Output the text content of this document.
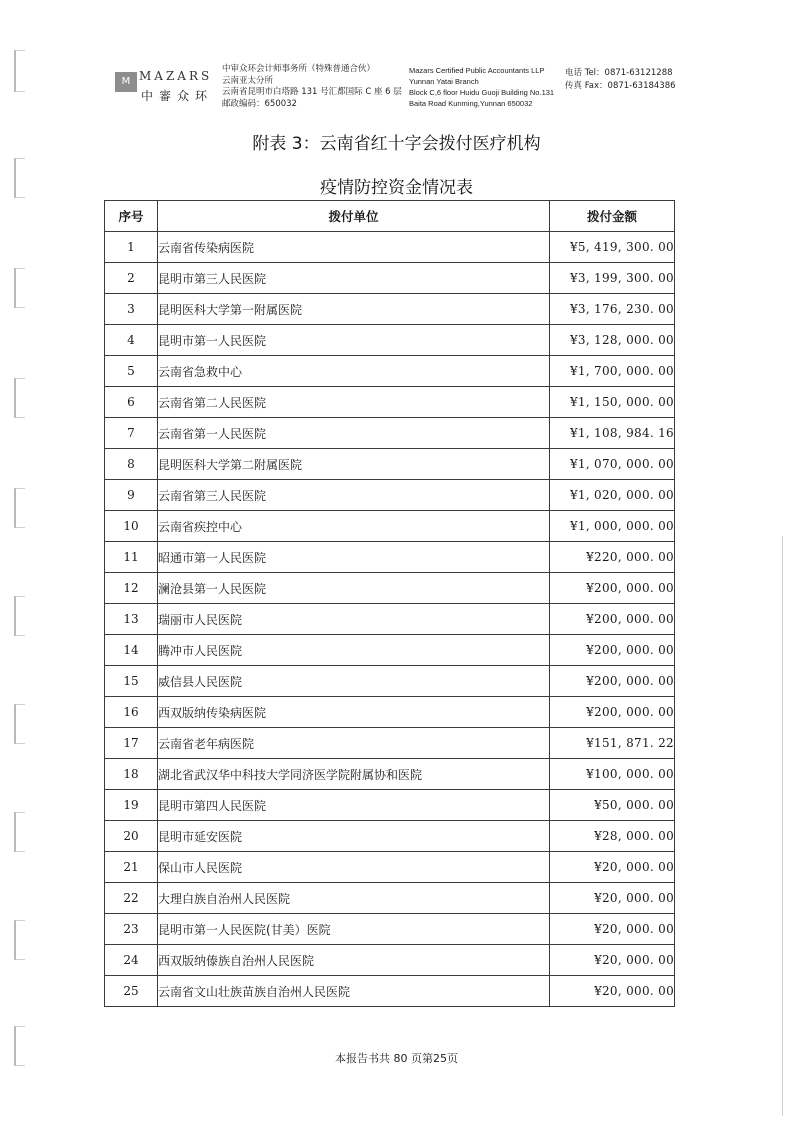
M MAZARS
中審众环
中审众环会计师事务所（特殊普通合伙）
云南亚太分所
云南省昆明市白塔路 131 号汇都国际 C 座 6 层
邮政编码：650032
Mazars Certified Public Accountants LLP
Yunnan Yatai Branch
Block C,6 floor Huidu Guoji Building No.131
Baita Road Kunming,Yunnan 650032
电话 Tel：0871-63121288
传真 Fax：0871-63184386
附表 3：云南省红十字会拨付医疗机构
疫情防控资金情况表
序号	拨付单位	拨付金额
1	云南省传染病医院	¥5, 419, 300. 00
2	昆明市第三人民医院	¥3, 199, 300. 00
3	昆明医科大学第一附属医院	¥3, 176, 230. 00
4	昆明市第一人民医院	¥3, 128, 000. 00
5	云南省急救中心	¥1, 700, 000. 00
6	云南省第二人民医院	¥1, 150, 000. 00
7	云南省第一人民医院	¥1, 108, 984. 16
8	昆明医科大学第二附属医院	¥1, 070, 000. 00
9	云南省第三人民医院	¥1, 020, 000. 00
10	云南省疾控中心	¥1, 000, 000. 00
11	昭通市第一人民医院	¥220, 000. 00
12	澜沧县第一人民医院	¥200, 000. 00
13	瑞丽市人民医院	¥200, 000. 00
14	腾冲市人民医院	¥200, 000. 00
15	威信县人民医院	¥200, 000. 00
16	西双版纳传染病医院	¥200, 000. 00
17	云南省老年病医院	¥151, 871. 22
18	湖北省武汉华中科技大学同济医学院附属协和医院	¥100, 000. 00
19	昆明市第四人民医院	¥50, 000. 00
20	昆明市延安医院	¥28, 000. 00
21	保山市人民医院	¥20, 000. 00
22	大理白族自治州人民医院	¥20, 000. 00
23	昆明市第一人民医院(甘美）医院	¥20, 000. 00
24	西双版纳傣族自治州人民医院	¥20, 000. 00
25	云南省文山壮族苗族自治州人民医院	¥20, 000. 00
本报告书共 80 页第25页
